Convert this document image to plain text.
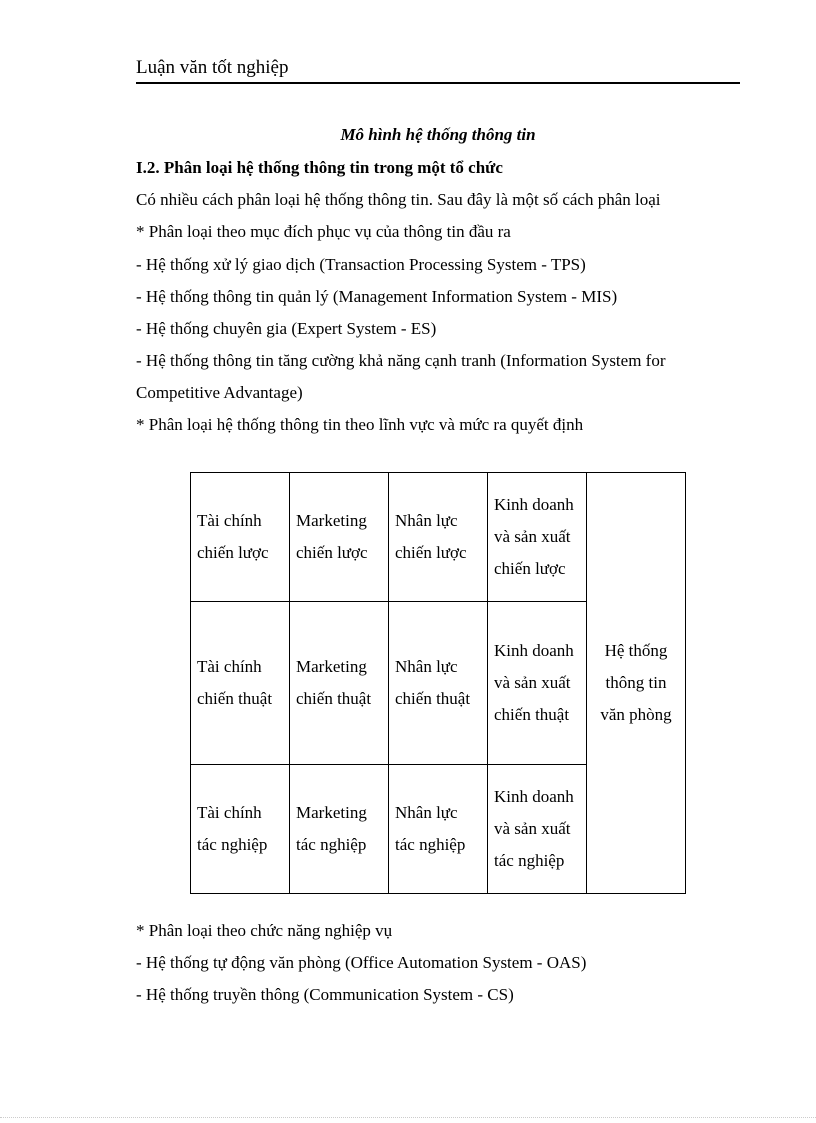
Luận văn tốt nghiệp
Mô hình hệ thống thông tin
I.2. Phân loại hệ thống thông tin trong một tổ chức
Có nhiều cách phân loại hệ thống thông tin. Sau đây là một số cách phân loại
* Phân loại theo mục đích phục vụ của thông tin đầu ra
- Hệ thống xử lý giao dịch (Transaction Processing System - TPS)
- Hệ thống thông tin quản lý (Management Information System - MIS)
- Hệ thống chuyên gia (Expert System - ES)
- Hệ thống thông tin tăng cường khả năng cạnh tranh (Information System for
Competitive Advantage)
* Phân loại hệ thống thông tin theo lĩnh vực và mức ra quyết định
Tài chính chiến lược	Marketing chiến lược	Nhân lực chiến lược	Kinh doanh và sản xuất chiến lược	Hệ thống thông tin văn phòng
Tài chính chiến thuật	Marketing chiến thuật	Nhân lực chiến thuật	Kinh doanh và sản xuất chiến thuật	
Tài chính tác nghiệp	Marketing tác nghiệp	Nhân lực tác nghiệp	Kinh doanh và sản xuất tác nghiệp	
* Phân loại theo chức năng nghiệp vụ
- Hệ thống tự động văn phòng (Office Automation System - OAS)
- Hệ thống truyền thông (Communication System - CS)
